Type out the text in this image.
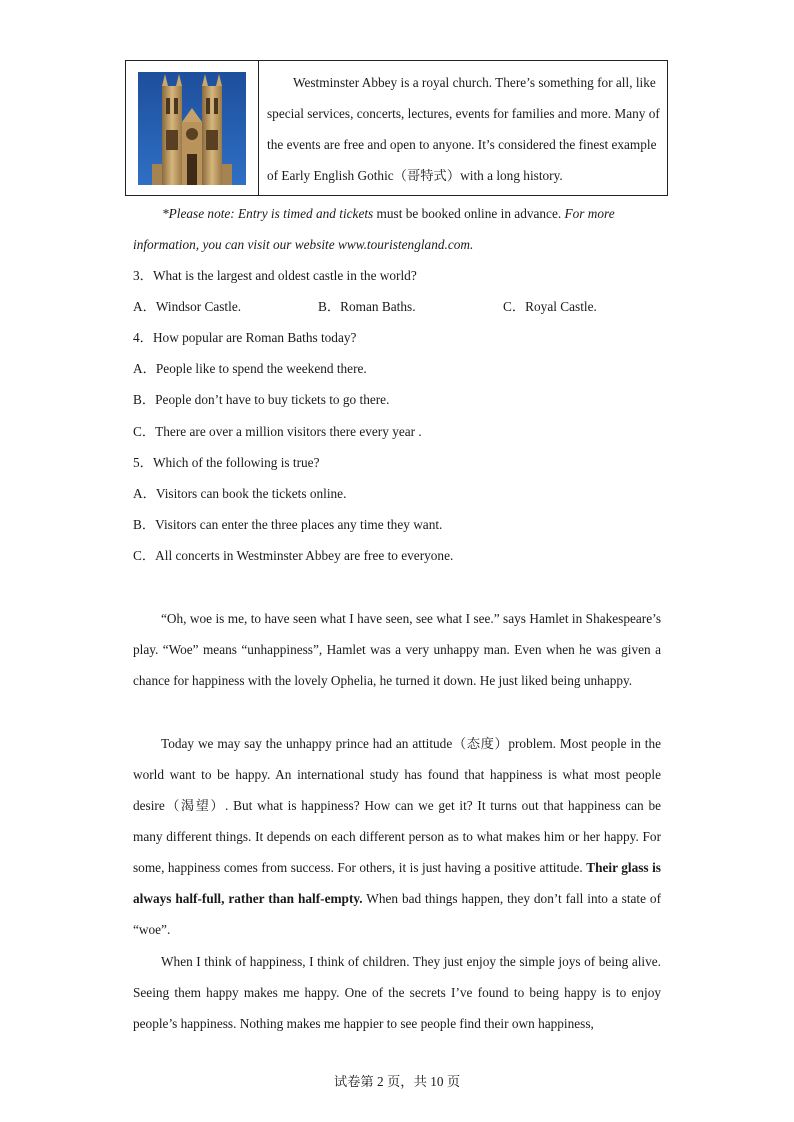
Westminster Abbey is a royal church. There’s something for all, like special services, concerts, lectures, events for families and more. Many of the events are free and open to anyone. It’s considered the finest example of Early English Gothic（哥特式）with a long history.

*Please note: Entry is timed and tickets must be booked online in advance. For more
information, you can visit our website www.touristengland.com.
3．What is the largest and oldest castle in the world?
A．Windsor Castle.	B．Roman Baths.	C．Royal Castle.
4．How popular are Roman Baths today?
A．People like to spend the weekend there.
B．People don’t have to buy tickets to go there.
C．There are over a million visitors there every year .
5．Which of the following is true?
A．Visitors can book the tickets online.
B．Visitors can enter the three places any time they want.
C．All concerts in Westminster Abbey are free to everyone.

“Oh, woe is me, to have seen what I have seen, see what I see.” says Hamlet in Shakespeare’s play. “Woe” means “unhappiness”, Hamlet was a very unhappy man. Even when he was given a chance for happiness with the lovely Ophelia, he turned it down. He just liked being unhappy.

Today we may say the unhappy prince had an attitude（态度）problem. Most people in the world want to be happy. An international study has found that happiness is what most people desire（渴望）. But what is happiness? How can we get it? It turns out that happiness can be many different things. It depends on each different person as to what makes him or her happy. For some, happiness comes from success. For others, it is just having a positive attitude. Their glass is always half-full, rather than half-empty. When bad things happen, they don’t fall into a state of “woe”.

When I think of happiness, I think of children. They just enjoy the simple joys of being alive. Seeing them happy makes me happy. One of the secrets I’ve found to being happy is to enjoy people’s happiness. Nothing makes me happier to see people find their own happiness,

试卷第 2 页，共 10 页
